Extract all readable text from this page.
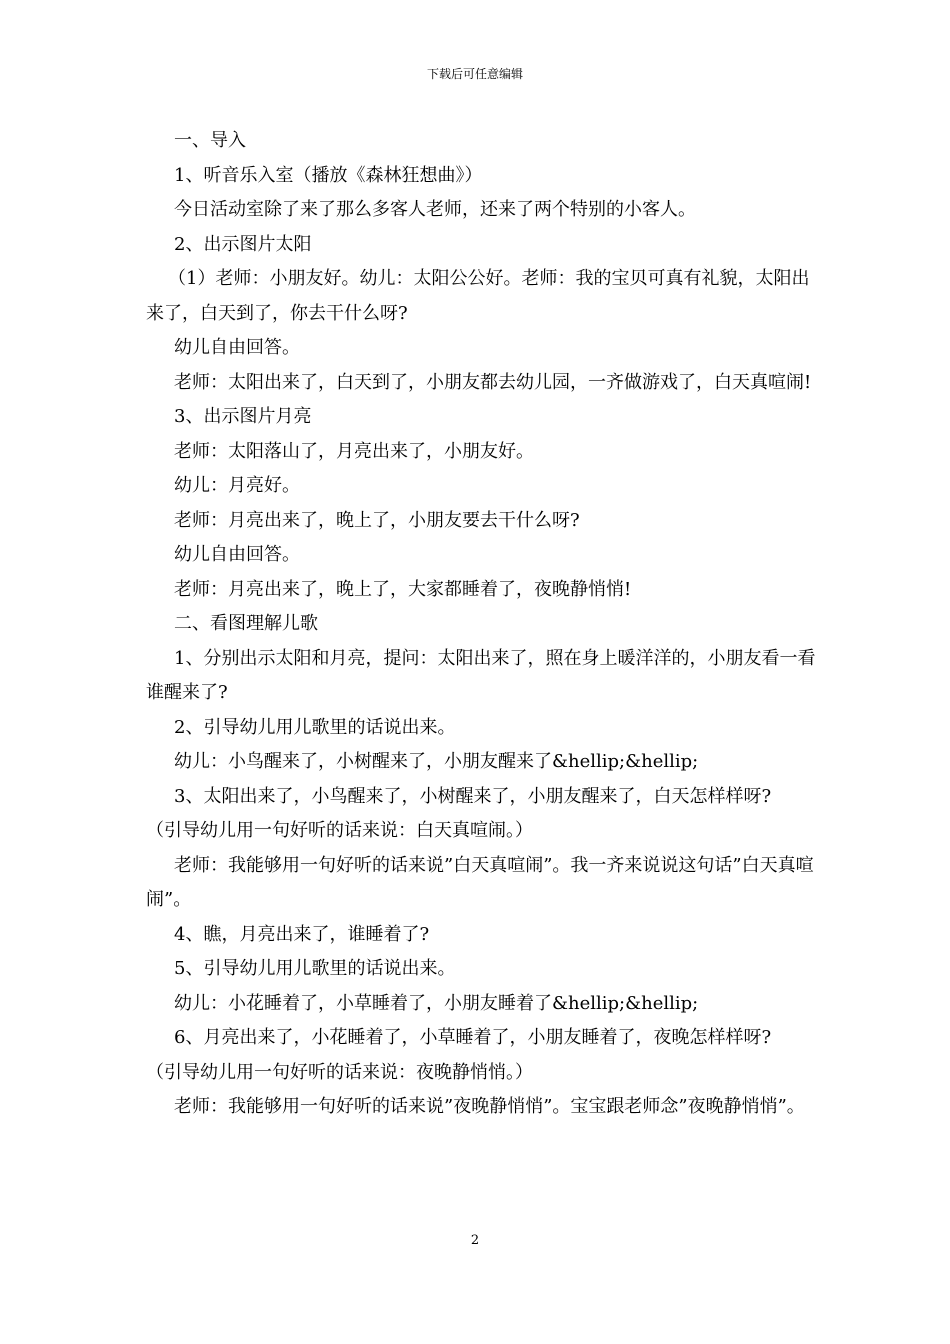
下载后可任意编辑

一、导入

1、听音乐入室（播放《森林狂想曲》）

今日活动室除了来了那么多客人老师，还来了两个特别的小客人。

2、出示图片太阳

（1）老师：小朋友好。幼儿：太阳公公好。老师：我的宝贝可真有礼貌，太阳出来了，白天到了，你去干什么呀?

幼儿自由回答。

老师：太阳出来了，白天到了，小朋友都去幼儿园，一齐做游戏了，白天真喧闹!

3、出示图片月亮

老师：太阳落山了，月亮出来了，小朋友好。

幼儿：月亮好。

老师：月亮出来了，晚上了，小朋友要去干什么呀?

幼儿自由回答。

老师：月亮出来了，晚上了，大家都睡着了，夜晚静悄悄!

二、看图理解儿歌

1、分别出示太阳和月亮，提问：太阳出来了，照在身上暖洋洋的，小朋友看一看谁醒来了?

2、引导幼儿用儿歌里的话说出来。

幼儿：小鸟醒来了，小树醒来了，小朋友醒来了&hellip;&hellip;

3、太阳出来了，小鸟醒来了，小树醒来了，小朋友醒来了，白天怎样样呀?

（引导幼儿用一句好听的话来说：白天真喧闹。）

老师：我能够用一句好听的话来说”白天真喧闹”。我一齐来说说这句话”白天真喧闹”。

4、瞧，月亮出来了，谁睡着了?

5、引导幼儿用儿歌里的话说出来。

幼儿：小花睡着了，小草睡着了，小朋友睡着了&hellip;&hellip;

6、月亮出来了，小花睡着了，小草睡着了，小朋友睡着了，夜晚怎样样呀?

（引导幼儿用一句好听的话来说：夜晚静悄悄。）

老师：我能够用一句好听的话来说”夜晚静悄悄”。宝宝跟老师念”夜晚静悄悄”。

2
